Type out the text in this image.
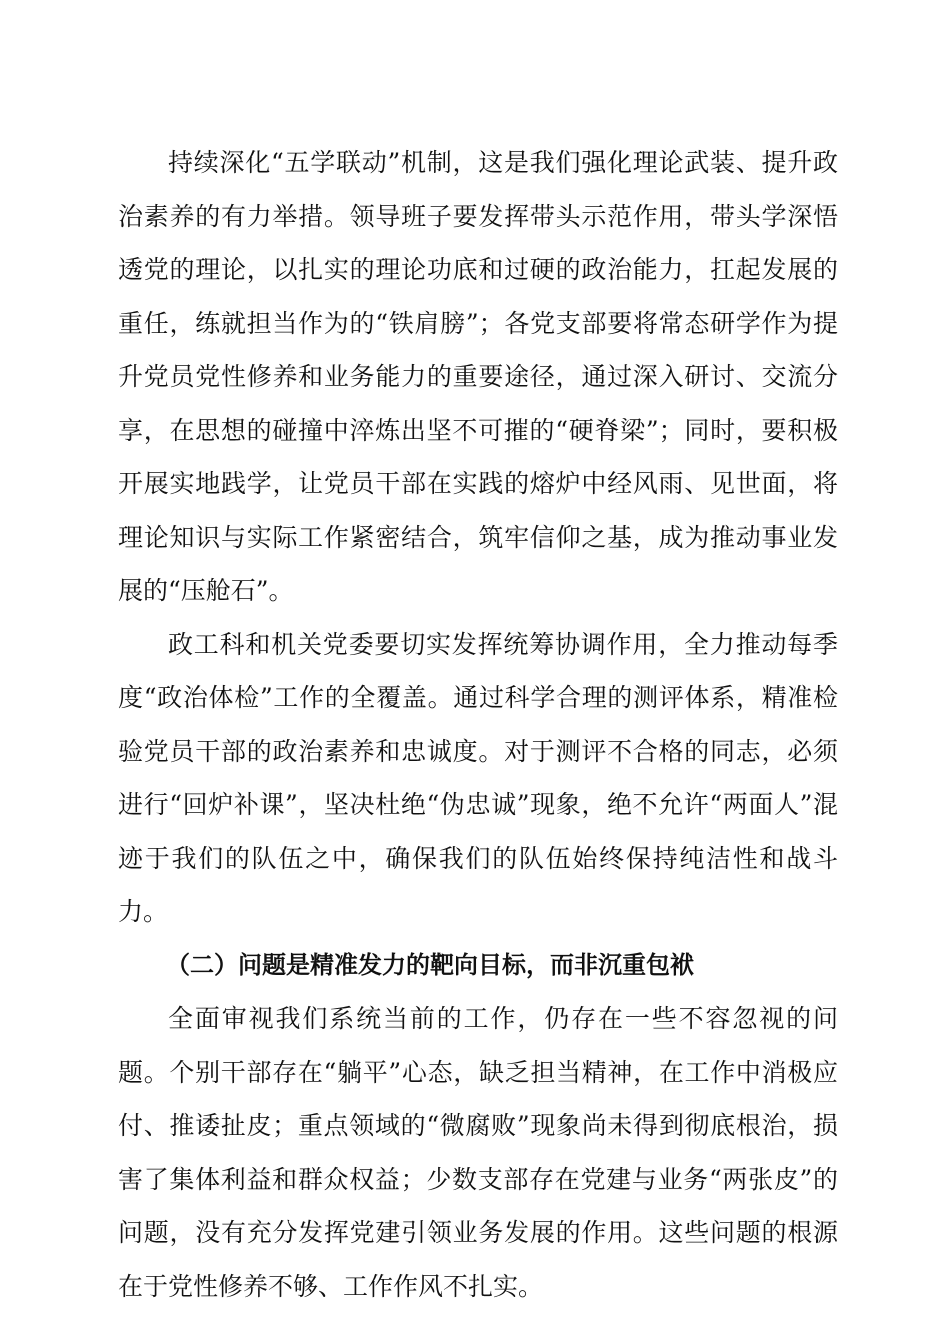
持续深化“五学联动”机制，这是我们强化理论武装、提升政治素养的有力举措。领导班子要发挥带头示范作用，带头学深悟透党的理论，以扎实的理论功底和过硬的政治能力，扛起发展的重任，练就担当作为的“铁肩膀”；各党支部要将常态研学作为提升党员党性修养和业务能力的重要途径，通过深入研讨、交流分享，在思想的碰撞中淬炼出坚不可摧的“硬脊梁”；同时，要积极开展实地践学，让党员干部在实践的熔炉中经风雨、见世面，将理论知识与实际工作紧密结合，筑牢信仰之基，成为推动事业发展的“压舱石”。

政工科和机关党委要切实发挥统筹协调作用，全力推动每季度“政治体检”工作的全覆盖。通过科学合理的测评体系，精准检验党员干部的政治素养和忠诚度。对于测评不合格的同志，必须进行“回炉补课”，坚决杜绝“伪忠诚”现象，绝不允许“两面人”混迹于我们的队伍之中，确保我们的队伍始终保持纯洁性和战斗力。

（二）问题是精准发力的靶向目标，而非沉重包袱

全面审视我们系统当前的工作，仍存在一些不容忽视的问题。个别干部存在“躺平”心态，缺乏担当精神，在工作中消极应付、推诿扯皮；重点领域的“微腐败”现象尚未得到彻底根治，损害了集体利益和群众权益；少数支部存在党建与业务“两张皮”的问题，没有充分发挥党建引领业务发展的作用。这些问题的根源在于党性修养不够、工作作风不扎实。
